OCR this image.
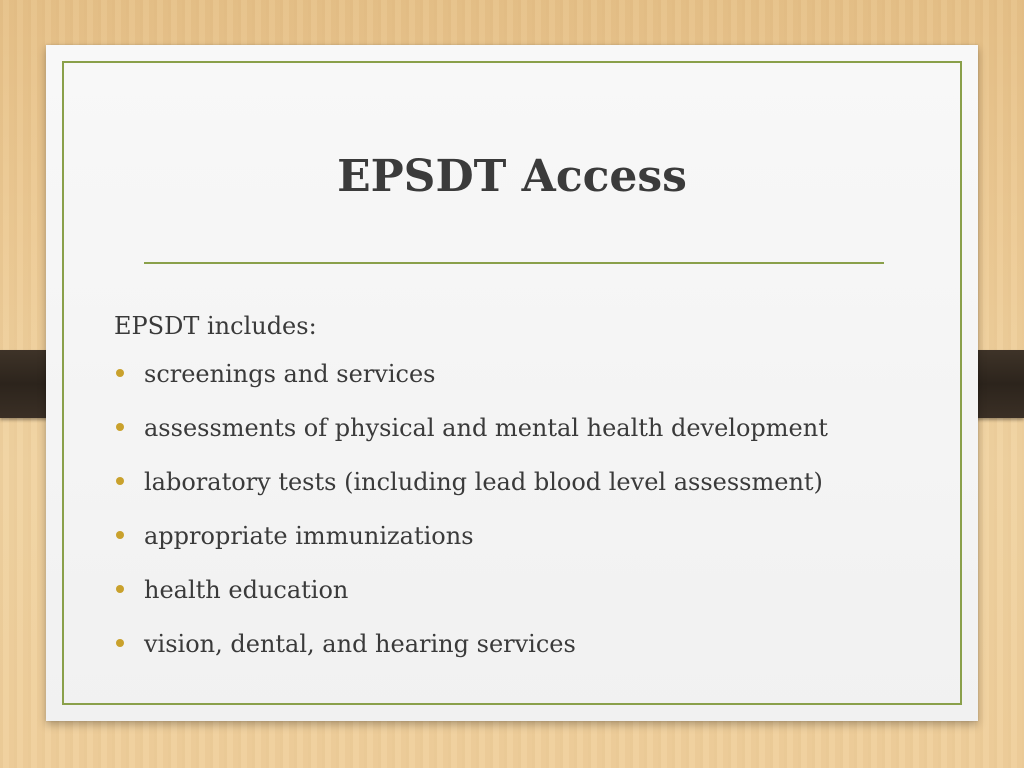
EPSDT Access

EPSDT includes:

screenings and services
assessments of physical and mental health development
laboratory tests (including lead blood level assessment)
appropriate immunizations
health education
vision, dental, and hearing services
